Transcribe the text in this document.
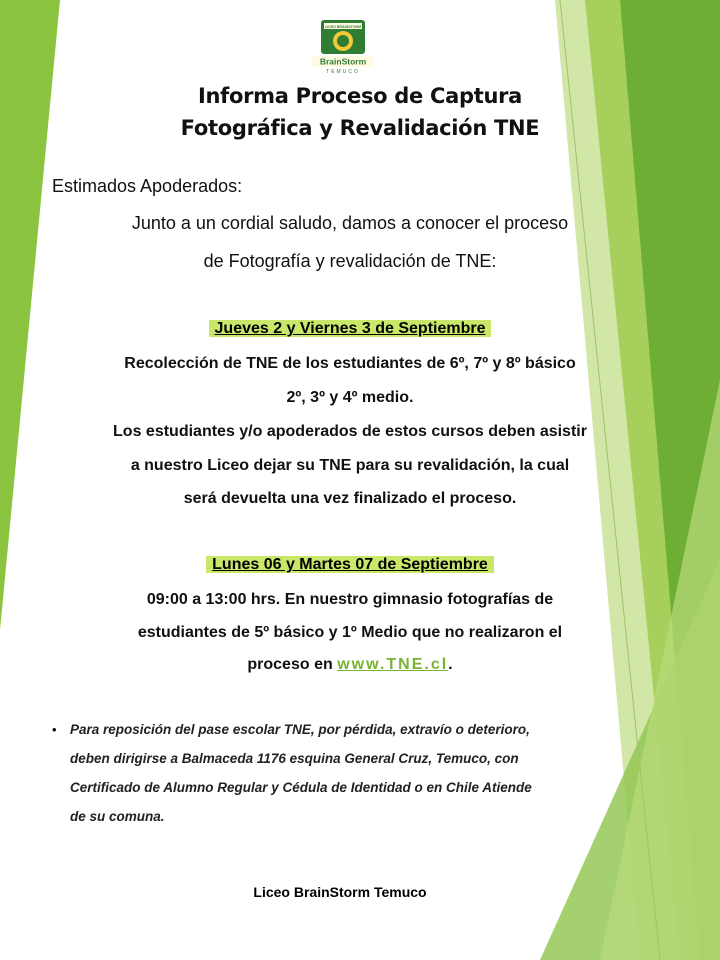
BrainStorm
TEMUCO
LICEO BRAINSTORM
Informa Proceso de Captura
Fotográfica y Revalidación TNE
Estimados Apoderados:
Junto a un cordial saludo, damos a conocer el proceso
de Fotografía y revalidación de TNE:
Jueves 2 y Viernes 3 de Septiembre
Recolección de TNE de los estudiantes de 6º, 7º y 8º básico
2º, 3º y 4º medio.
Los estudiantes y/o apoderados de estos cursos deben asistir
a nuestro Liceo dejar su TNE para su revalidación, la cual
será devuelta una vez finalizado el proceso.
Lunes 06 y Martes 07 de Septiembre
09:00 a 13:00 hrs. En nuestro gimnasio fotografías de
estudiantes de 5º básico y 1º Medio que no realizaron el
proceso en www.TNE.cl.
• Para reposición del pase escolar TNE, por pérdida, extravío o deterioro,
deben dirigirse a Balmaceda 1176 esquina General Cruz, Temuco, con
Certificado de Alumno Regular y Cédula de Identidad o en Chile Atiende
de su comuna.
Liceo BrainStorm Temuco
